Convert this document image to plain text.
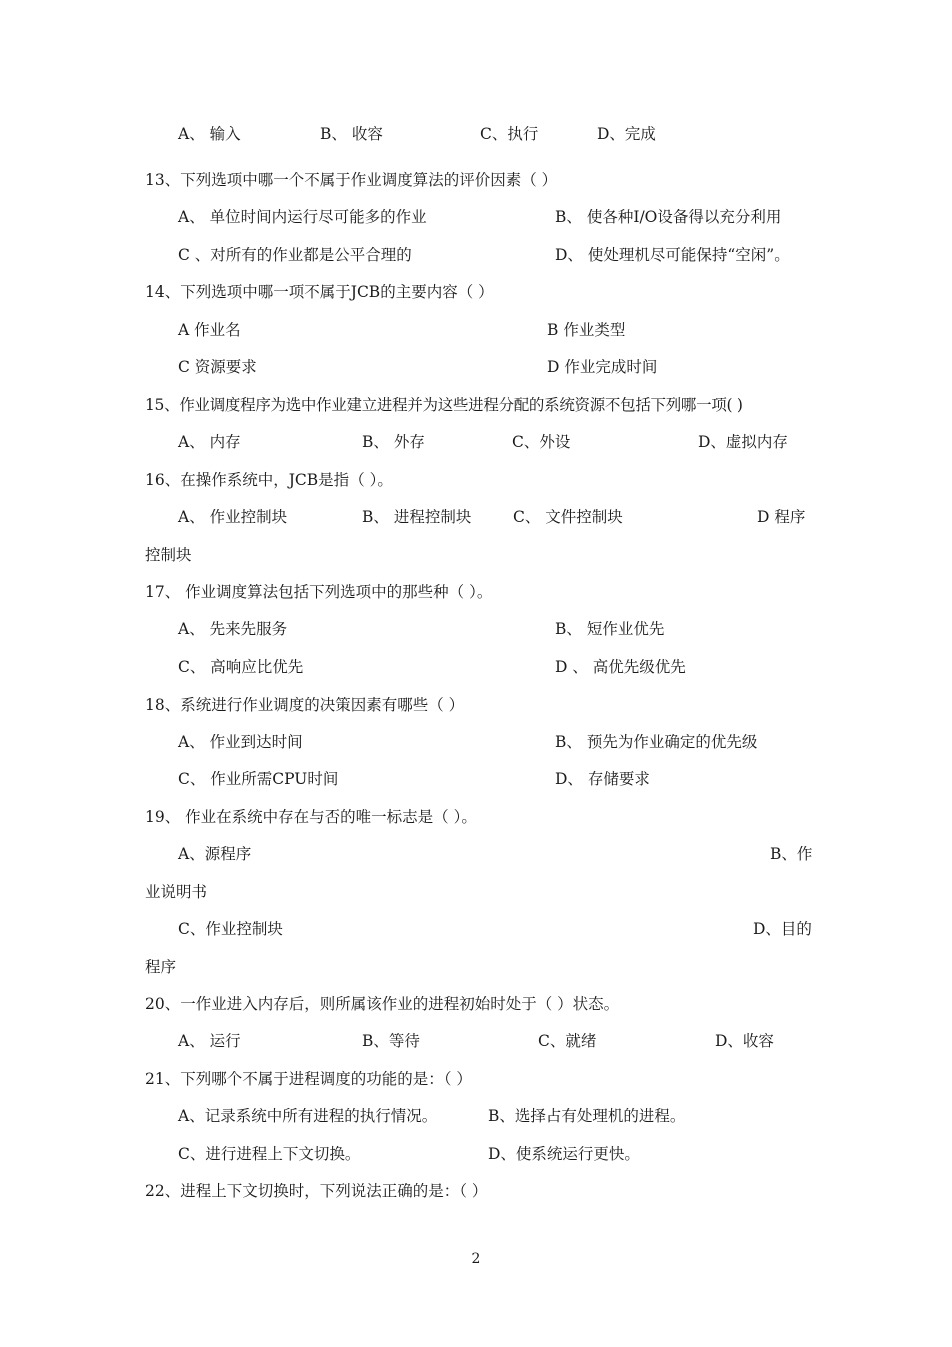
A、 输入	B、 收容	C、执行	D、完成
13、下列选项中哪一个不属于作业调度算法的评价因素（ ）
A、 单位时间内运行尽可能多的作业	B、 使各种I/O设备得以充分利用
C 、对所有的作业都是公平合理的	D、 使处理机尽可能保持“空闲”。
14、下列选项中哪一项不属于JCB的主要内容（ ）
A 作业名	B 作业类型
C 资源要求	D 作业完成时间
15、作业调度程序为选中作业建立进程并为这些进程分配的系统资源不包括下列哪一项( )
A、 内存	B、 外存	C、外设	D、虚拟内存
16、在操作系统中，JCB是指（ ）。
A、 作业控制块	B、 进程控制块	C、 文件控制块	D 程序
控制块
17、 作业调度算法包括下列选项中的那些种（ ）。
A、 先来先服务	B、 短作业优先
C、 高响应比优先	D 、 高优先级优先
18、系统进行作业调度的决策因素有哪些（ ）
A、 作业到达时间	B、 预先为作业确定的优先级
C、 作业所需CPU时间	D、 存储要求
19、 作业在系统中存在与否的唯一标志是（ ）。
A、源程序	B、作
业说明书
C、作业控制块	D、目的
程序
20、一作业进入内存后，则所属该作业的进程初始时处于（ ）状态。
A、 运行	B、等待	C、就绪	D、收容
21、下列哪个不属于进程调度的功能的是：（ ）
A、记录系统中所有进程的执行情况。	B、选择占有处理机的进程。
C、进行进程上下文切换。	D、使系统运行更快。
22、进程上下文切换时，下列说法正确的是：（ ）
2
